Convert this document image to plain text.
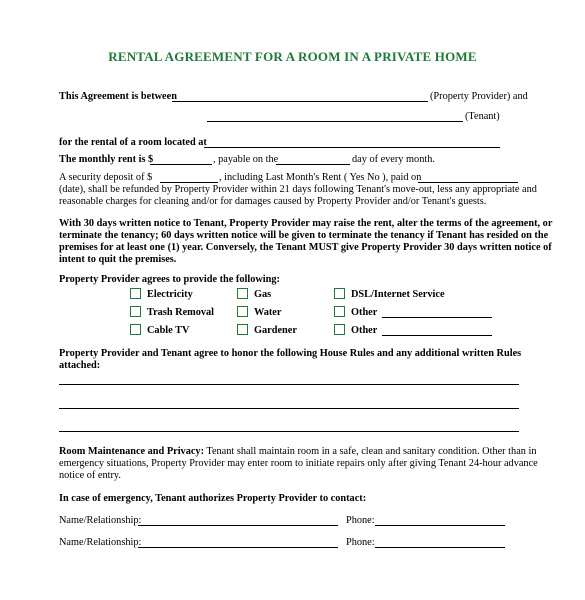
RENTAL AGREEMENT FOR A ROOM IN A PRIVATE HOME
This Agreement is between	(Property Provider) and
(Tenant)
for the rental of a room located at
The monthly rent is $	, payable on the	day of every month.
A security deposit of $	, including Last Month's Rent ( Yes No ), paid on
(date), shall be refunded by Property Provider within 21 days following Tenant's move-out, less any appropriate and
reasonable charges for cleaning and/or for damages caused by Property Provider and/or Tenant's guests.
With 30 days written notice to Tenant, Property Provider may raise the rent, alter the terms of the agreement, or
terminate the tenancy; 60 days written notice will be given to terminate the tenancy if Tenant has resided on the
premises for at least one (1) year. Conversely, the Tenant MUST give Property Provider 30 days written notice of
intent to quit the premises.
Property Provider agrees to provide the following:
Electricity	Gas	DSL/Internet Service
Trash Removal	Water	Other
Cable TV	Gardener	Other
Property Provider and Tenant agree to honor the following House Rules and any additional written Rules
attached:
Room Maintenance and Privacy: Tenant shall maintain room in a safe, clean and sanitary condition. Other than in
emergency situations, Property Provider may enter room to initiate repairs only after giving Tenant 24-hour advance
notice of entry.
In case of emergency, Tenant authorizes Property Provider to contact:
Name/Relationship:	Phone:
Name/Relationship:	Phone:
